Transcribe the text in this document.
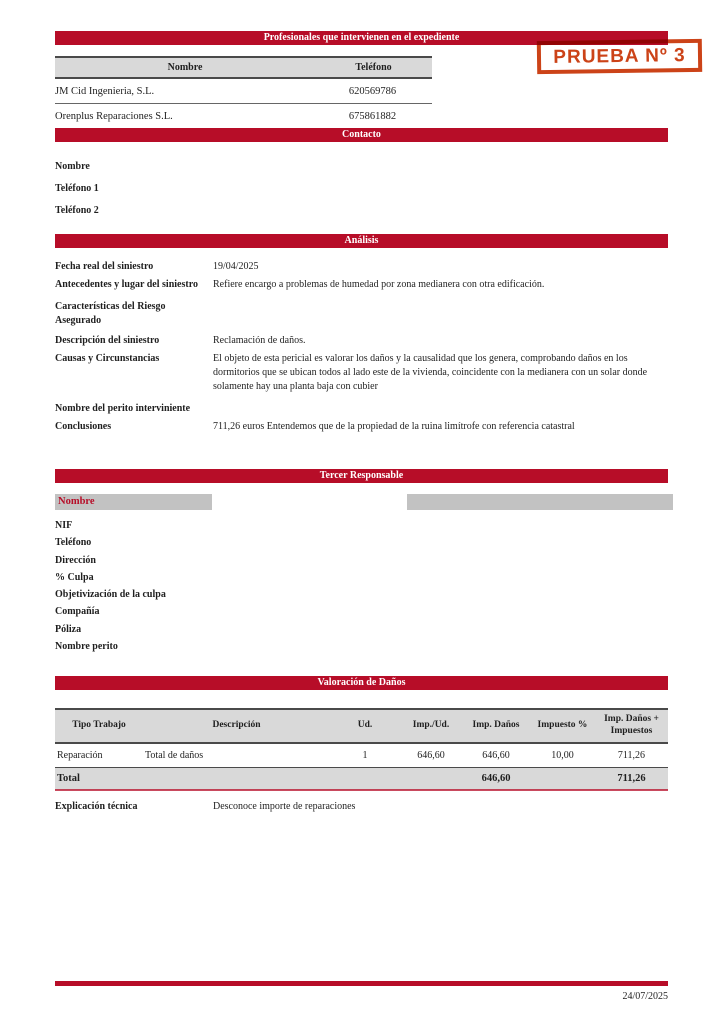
PRUEBA Nº 3
Profesionales que intervienen en el expediente
Nombre	Teléfono
JM Cid Ingenieria, S.L.	620569786
Orenplus Reparaciones S.L.	675861882
Contacto
Nombre
Teléfono 1
Teléfono 2
Análisis
Fecha real del siniestro	19/04/2025
Antecedentes y lugar del siniestro	Refiere encargo a problemas de humedad por zona medianera con otra edificación.
Características del Riesgo Asegurado
Descripción del siniestro	Reclamación de daños.
Causas y Circunstancias	El objeto de esta pericial es valorar los daños y la causalidad que los genera, comprobando daños en los dormitorios que se ubican todos al lado este de la vivienda, coincidente con la medianera con un solar donde solamente hay una planta baja con cubier
Nombre del perito interviniente
Conclusiones	711,26 euros Entendemos que de la propiedad de la ruina limítrofe con referencia catastral
Tercer Responsable
Nombre
NIF
Teléfono
Dirección
% Culpa
Objetivización de la culpa
Compañía
Póliza
Nombre perito
Valoración de Daños
Tipo Trabajo	Descripción	Ud.	Imp./Ud.	Imp. Daños	Impuesto %	Imp. Daños + Impuestos
Reparación	Total de daños	1	646,60	646,60	10,00	711,26
Total				646,60		711,26
Explicación técnica	Desconoce importe de reparaciones
24/07/2025
